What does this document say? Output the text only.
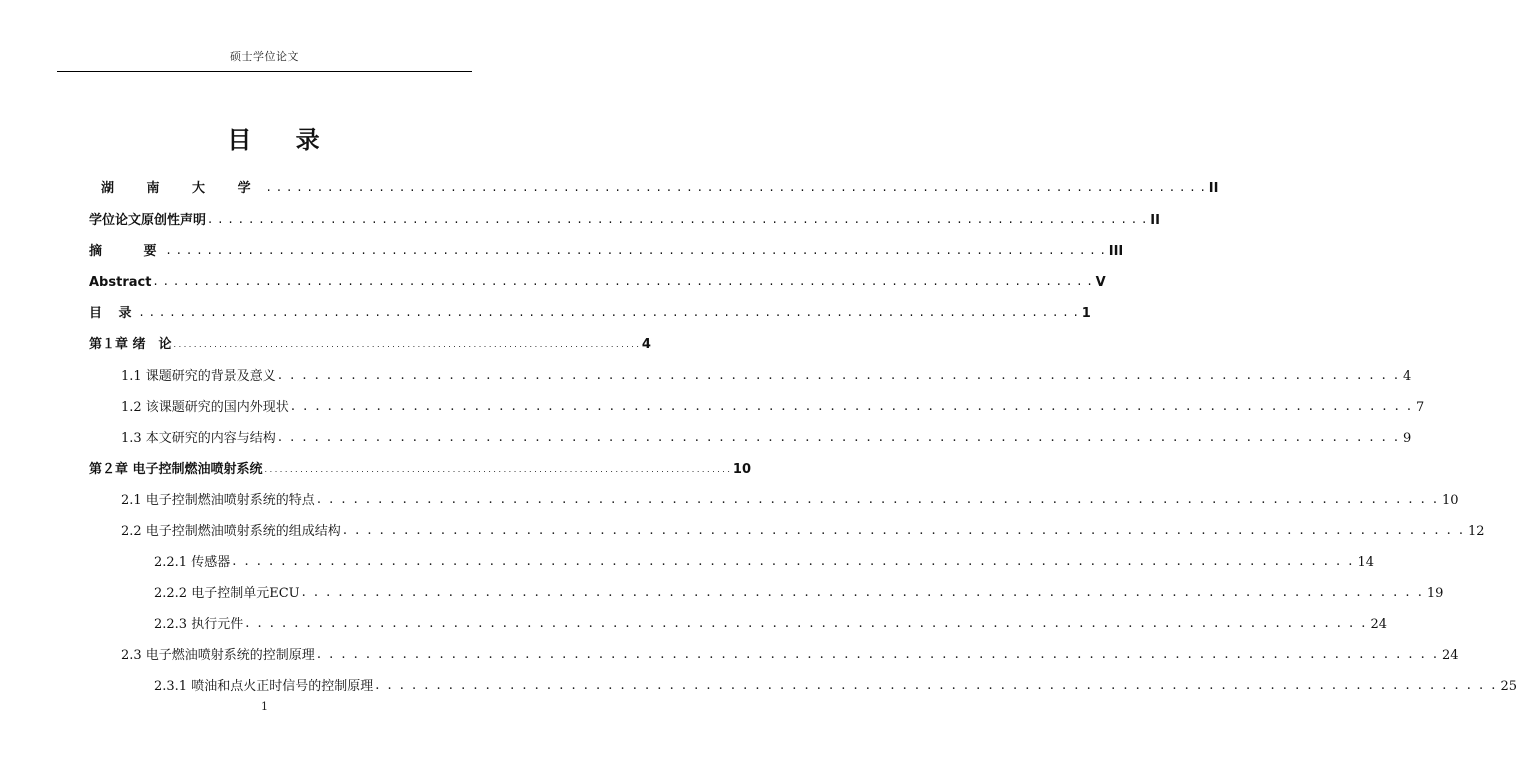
硕士学位论文
目 录
湖 南 大 学 . . . . . . . . . . . . . . . . . . . . . . . . . . . . . . . . . . . . . . . . . . . . . . . . . . . . . . . . . . . . . . . . . . . . . . . . . . . . . . . . . . . . . . . . . . . . II
学位论文原创性声明 . . . . . . . . . . . . . . . . . . . . . . . . . . . . . . . . . . . . . . . . . . . . . . . . . . . . . . . . . . . . . . . . . . . . . . . . . . . . . . . . . . . . . . . . . . . . II
摘　 要 . . . . . . . . . . . . . . . . . . . . . . . . . . . . . . . . . . . . . . . . . . . . . . . . . . . . . . . . . . . . . . . . . . . . . . . . . . . . . . . . . . . . . . . . . . . . III
Abstract . . . . . . . . . . . . . . . . . . . . . . . . . . . . . . . . . . . . . . . . . . . . . . . . . . . . . . . . . . . . . . . . . . . . . . . . . . . . . . . . . . . . . . . . . . . . V
目 录 . . . . . . . . . . . . . . . . . . . . . . . . . . . . . . . . . . . . . . . . . . . . . . . . . . . . . . . . . . . . . . . . . . . . . . . . . . . . . . . . . . . . . . . . . . . . 1
第１章 绪　论 . . . . . . . . . . . . . . . . . . . . . . . . . . . . . . . . . . . . . . . . . . . . . . . . . . . . . . . . . . . . . . . . . . . . . . . . . . . . . . . . . . . . . . . . . . . . 4
1.1 课题研究的背景及意义 . . . . . . . . . . . . . . . . . . . . . . . . . . . . . . . . . . . . . . . . . . . . . . . . . . . . . . . . . . . . . . . . . . . . . . . . . . . . . . . . . . . . . . . . . . . . 4
1.2 该课题研究的国内外现状 . . . . . . . . . . . . . . . . . . . . . . . . . . . . . . . . . . . . . . . . . . . . . . . . . . . . . . . . . . . . . . . . . . . . . . . . . . . . . . . . . . . . . . . . . . . . 7
1.3 本文研究的内容与结构 . . . . . . . . . . . . . . . . . . . . . . . . . . . . . . . . . . . . . . . . . . . . . . . . . . . . . . . . . . . . . . . . . . . . . . . . . . . . . . . . . . . . . . . . . . . . 9
第２章 电子控制燃油喷射系统 . . . . . . . . . . . . . . . . . . . . . . . . . . . . . . . . . . . . . . . . . . . . . . . . . . . . . . . . . . . . . . . . . . . . . . . . . . . . . . . . . . . . . . . . . . . . 10
2.1 电子控制燃油喷射系统的特点 . . . . . . . . . . . . . . . . . . . . . . . . . . . . . . . . . . . . . . . . . . . . . . . . . . . . . . . . . . . . . . . . . . . . . . . . . . . . . . . . . . . . . . . . . . . . 10
2.2 电子控制燃油喷射系统的组成结构 . . . . . . . . . . . . . . . . . . . . . . . . . . . . . . . . . . . . . . . . . . . . . . . . . . . . . . . . . . . . . . . . . . . . . . . . . . . . . . . . . . . . . . . . . . . . 12
2.2.1 传感器 . . . . . . . . . . . . . . . . . . . . . . . . . . . . . . . . . . . . . . . . . . . . . . . . . . . . . . . . . . . . . . . . . . . . . . . . . . . . . . . . . . . . . . . . . . . . 14
2.2.2 电子控制单元ECU . . . . . . . . . . . . . . . . . . . . . . . . . . . . . . . . . . . . . . . . . . . . . . . . . . . . . . . . . . . . . . . . . . . . . . . . . . . . . . . . . . . . . . . . . . . . 19
2.2.3 执行元件 . . . . . . . . . . . . . . . . . . . . . . . . . . . . . . . . . . . . . . . . . . . . . . . . . . . . . . . . . . . . . . . . . . . . . . . . . . . . . . . . . . . . . . . . . . . . 24
2.3 电子燃油喷射系统的控制原理 . . . . . . . . . . . . . . . . . . . . . . . . . . . . . . . . . . . . . . . . . . . . . . . . . . . . . . . . . . . . . . . . . . . . . . . . . . . . . . . . . . . . . . . . . . . . 24
2.3.1 喷油和点火正时信号的控制原理 . . . . . . . . . . . . . . . . . . . . . . . . . . . . . . . . . . . . . . . . . . . . . . . . . . . . . . . . . . . . . . . . . . . . . . . . . . . . . . . . . . . . . . . . . . . . 25
1
